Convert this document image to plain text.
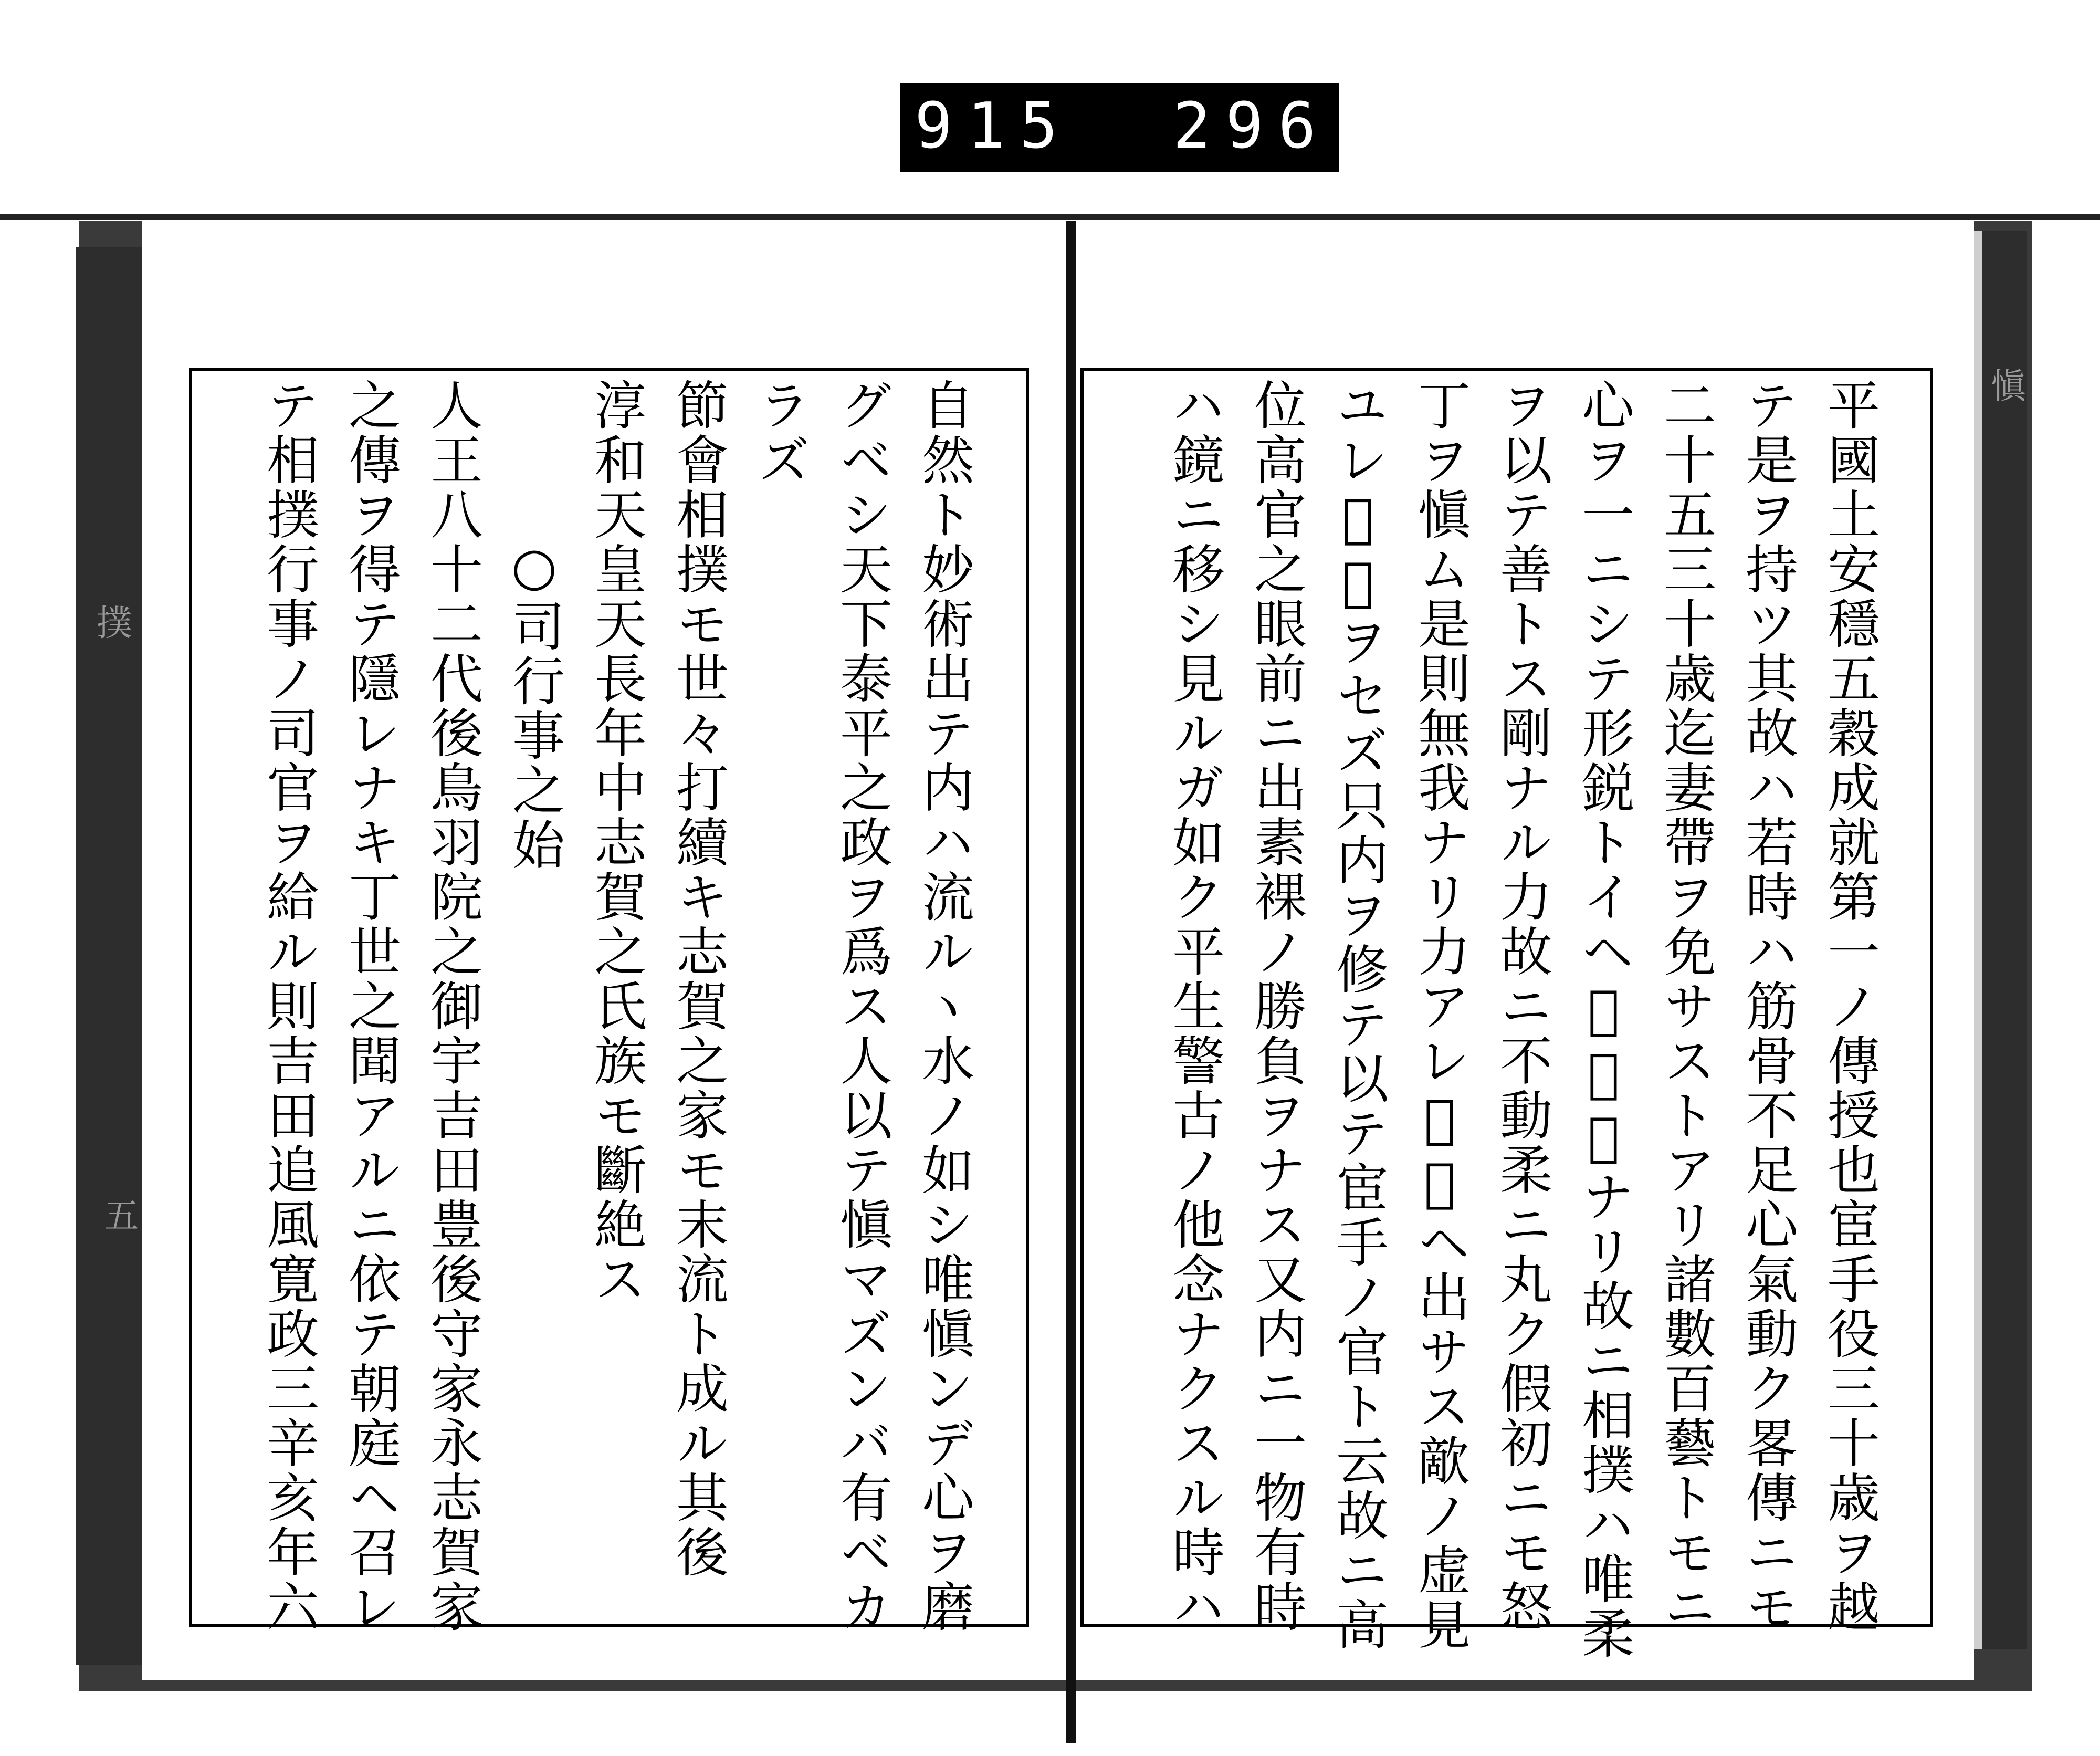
915 296.
撲
五
愼
自然ト妙術出テ内ハ流ルヽ水ノ如シ唯愼ンデ心ヲ磨
グベシ天下泰平之政ヲ爲ス人以テ愼マズンバ有ベカ
ラズ
節會相撲モ世々打續キ志賀之家モ末流ト成ル其後
淳和天皇天長年中志賀之氏族モ斷絶ス
○司行事之始
人王八十二代後鳥羽院之御宇吉田豊後守家永志賀家
之傳ヲ得テ隱レナキ丁世之聞アルニ依テ朝庭ヘ召レ
テ相撲行事ノ司官ヲ給ル則吉田追風寛政三辛亥年六	平國土安穩五穀成就第一ノ傳授也宦手役三十歳ヲ越
テ是ヲ持ツ其故ハ若時ハ筋骨不足心氣動ク畧傳ニモ
二十五三十歳迄妻帶ヲ免サストアリ諸數百藝トモニ
心ヲ一ニシテ形鋭トイヘ𪜈内靜ナリ故ニ相撲ハ唯柔
ヲ以テ善トス剛ナル力故ニ不動柔ニ丸ク假初ニモ怒
丁ヲ愼ム是則無我ナリ力アレ𪜈表ヘ出サス歒ノ虚見
ユレ𪜈危ヲセズ只内ヲ修テ以テ宦手ノ官ト云故ニ高
位高官之眼前ニ出素裸ノ勝負ヲナス又内ニ一物有時
ハ鏡ニ移シ見ルガ如ク平生警古ノ他念ナクスル時ハ
